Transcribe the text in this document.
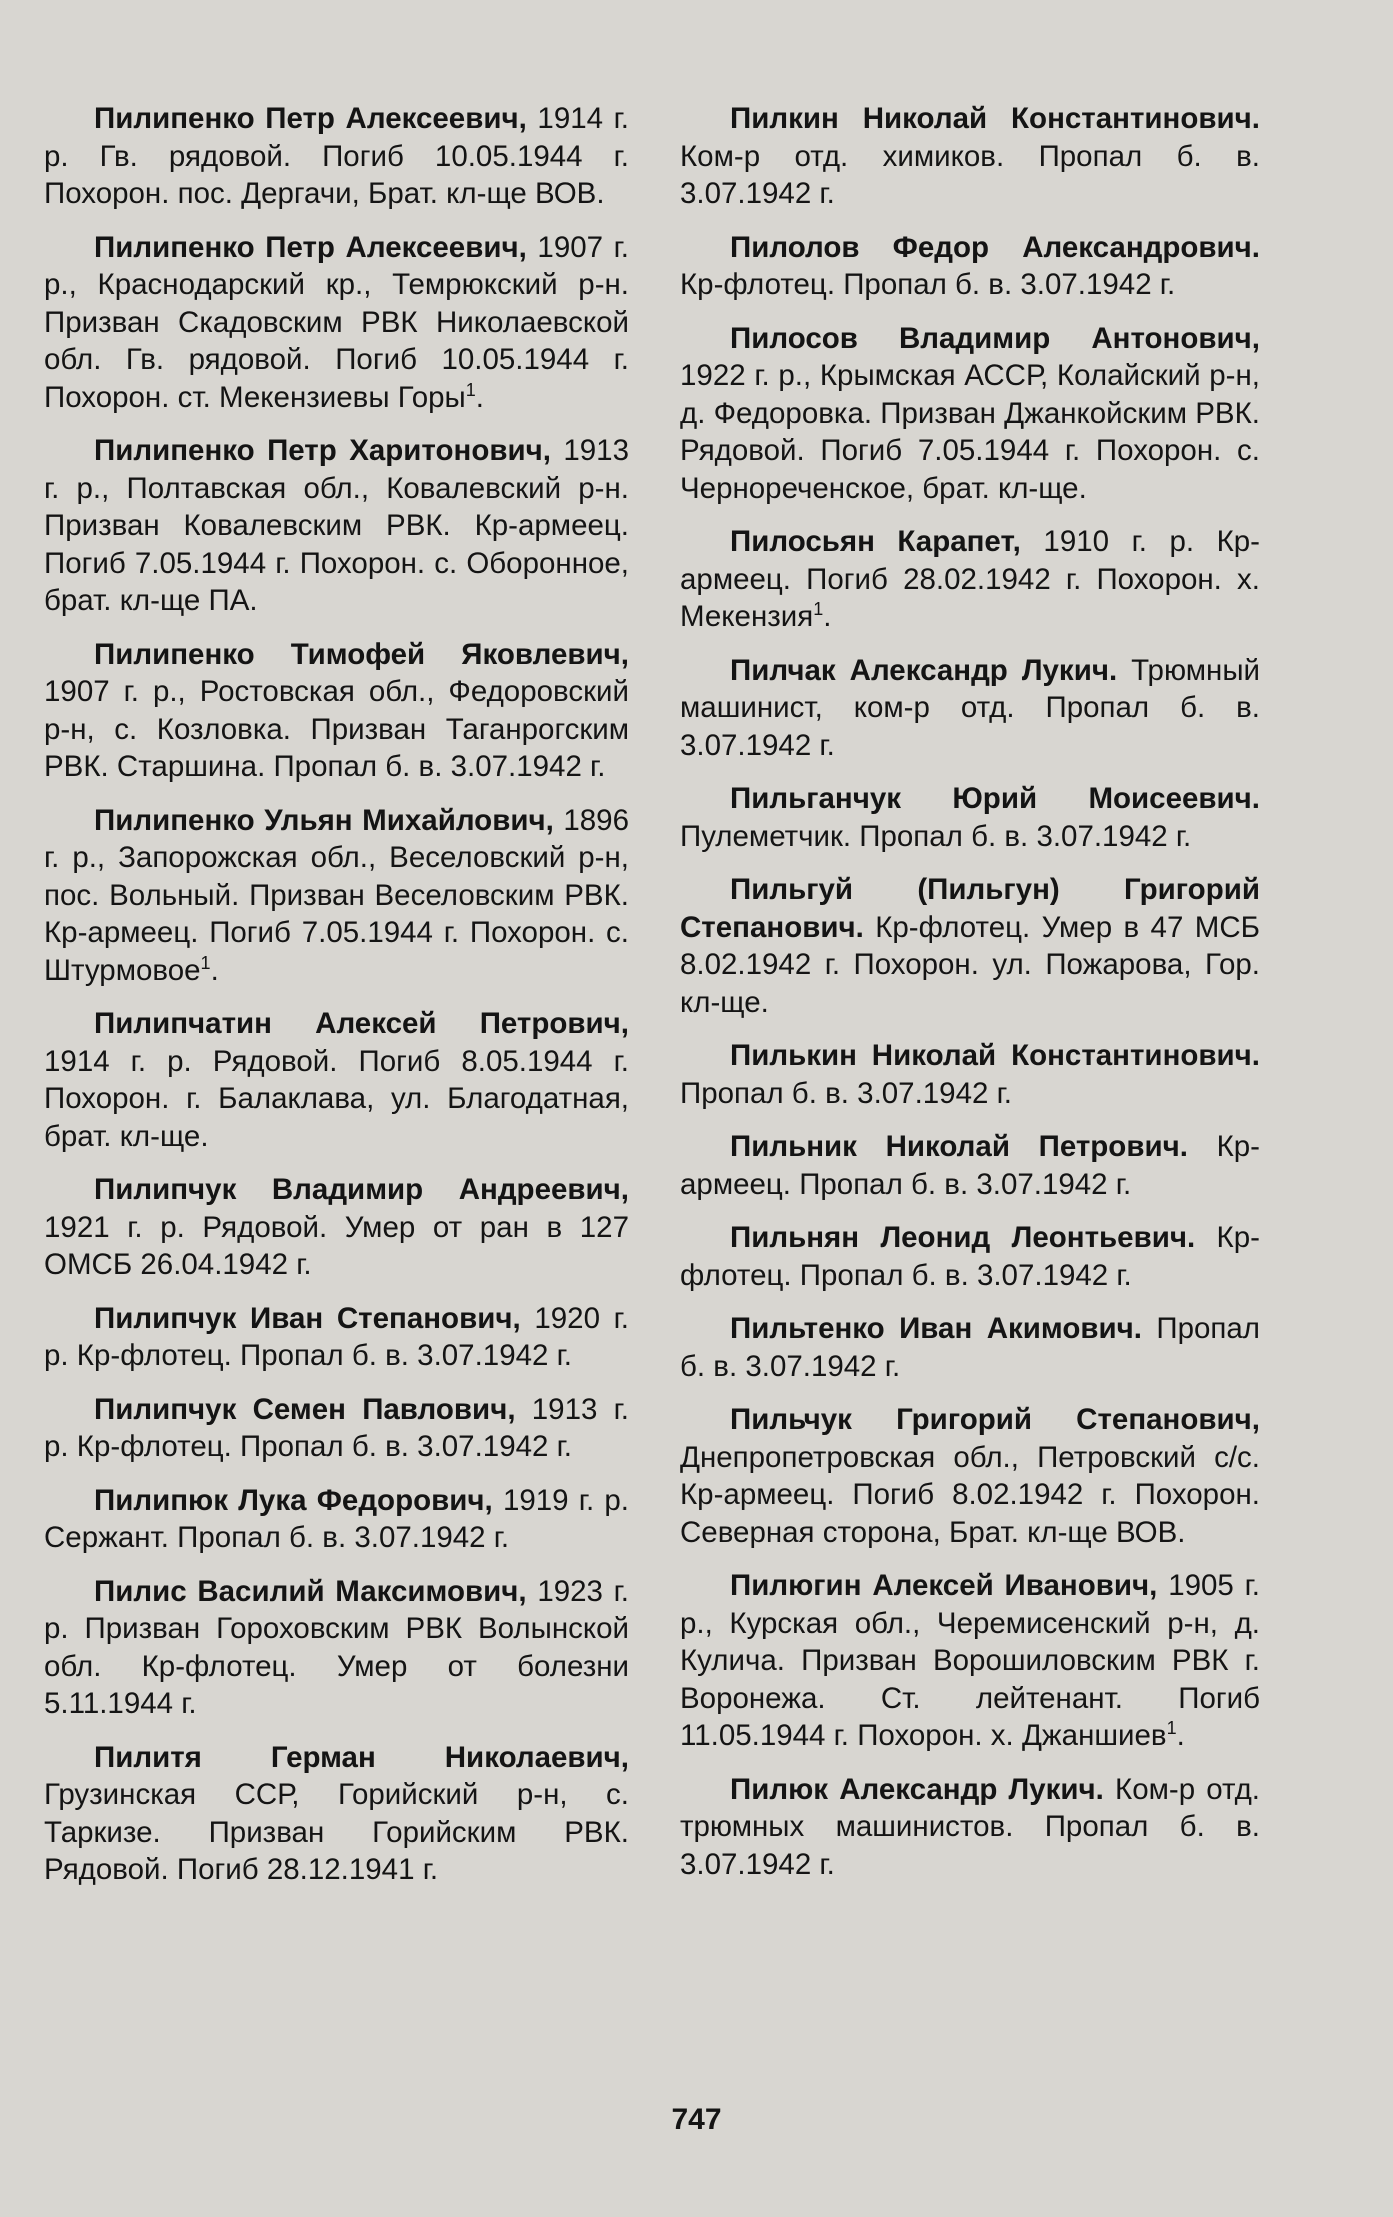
Пилипенко Петр Алексеевич, 1914 г. р. Гв. рядовой. Погиб 10.05.1944 г. Похорон. пос. Дергачи, Брат. кл-ще ВОВ.

Пилипенко Петр Алексеевич, 1907 г. р., Краснодарский кр., Темрюкский р-н. Призван Скадовским РВК Николаевской обл. Гв. рядовой. Погиб 10.05.1944 г. Похорон. ст. Мекензиевы Горы$^1$.

Пилипенко Петр Харитонович, 1913 г. р., Полтавская обл., Ковалевский р-н. Призван Ковалевским РВК. Кр-армеец. Погиб 7.05.1944 г. Похорон. с. Оборонное, брат. кл-ще ПА.

Пилипенко Тимофей Яковлевич, 1907 г. р., Ростовская обл., Федоровский р-н, с. Козловка. Призван Таганрогским РВК. Старшина. Пропал б. в. 3.07.1942 г.

Пилипенко Ульян Михайлович, 1896 г. р., Запорожская обл., Веселовский р-н, пос. Вольный. Призван Веселовским РВК. Кр-армеец. Погиб 7.05.1944 г. Похорон. с. Штурмовое$^1$.

Пилипчатин Алексей Петрович, 1914 г. р. Рядовой. Погиб 8.05.1944 г. Похорон. г. Балаклава, ул. Благодатная, брат. кл-ще.

Пилипчук Владимир Андреевич, 1921 г. р. Рядовой. Умер от ран в 127 ОМСБ 26.04.1942 г.

Пилипчук Иван Степанович, 1920 г. р. Кр-флотец. Пропал б. в. 3.07.1942 г.

Пилипчук Семен Павлович, 1913 г. р. Кр-флотец. Пропал б. в. 3.07.1942 г.

Пилипюк Лука Федорович, 1919 г. р. Сержант. Пропал б. в. 3.07.1942 г.

Пилис Василий Максимович, 1923 г. р. Призван Гороховским РВК Волынской обл. Кр-флотец. Умер от болезни 5.11.1944 г.

Пилитя Герман Николаевич, Грузинская ССР, Горийский р-н, с. Таркизе. Призван Горийским РВК. Рядовой. Погиб 28.12.1941 г.

Пилкин Николай Константинович. Ком-р отд. химиков. Пропал б. в. 3.07.1942 г.

Пилолов Федор Александрович. Кр-флотец. Пропал б. в. 3.07.1942 г.

Пилосов Владимир Антонович, 1922 г. р., Крымская АССР, Колайский р-н, д. Федоровка. Призван Джанкойским РВК. Рядовой. Погиб 7.05.1944 г. Похорон. с. Чернореченское, брат. кл-ще.

Пилосьян Карапет, 1910 г. р. Кр-армеец. Погиб 28.02.1942 г. Похорон. х. Мекензия$^1$.

Пилчак Александр Лукич. Трюмный машинист, ком-р отд. Пропал б. в. 3.07.1942 г.

Пильганчук Юрий Моисеевич. Пулеметчик. Пропал б. в. 3.07.1942 г.

Пильгуй (Пильгун) Григорий Степанович. Кр-флотец. Умер в 47 МСБ 8.02.1942 г. Похорон. ул. Пожарова, Гор. кл-ще.

Пилькин Николай Константинович. Пропал б. в. 3.07.1942 г.

Пильник Николай Петрович. Кр-армеец. Пропал б. в. 3.07.1942 г.

Пильнян Леонид Леонтьевич. Кр-флотец. Пропал б. в. 3.07.1942 г.

Пильтенко Иван Акимович. Пропал б. в. 3.07.1942 г.

Пильчук Григорий Степанович, Днепропетровская обл., Петровский с/с. Кр-армеец. Погиб 8.02.1942 г. Похорон. Северная сторона, Брат. кл-ще ВОВ.

Пилюгин Алексей Иванович, 1905 г. р., Курская обл., Черемисенский р-н, д. Кулича. Призван Ворошиловским РВК г. Воронежа. Ст. лейтенант. Погиб 11.05.1944 г. Похорон. х. Джаншиев$^1$.

Пилюк Александр Лукич. Ком-р отд. трюмных машинистов. Пропал б. в. 3.07.1942 г.

747
